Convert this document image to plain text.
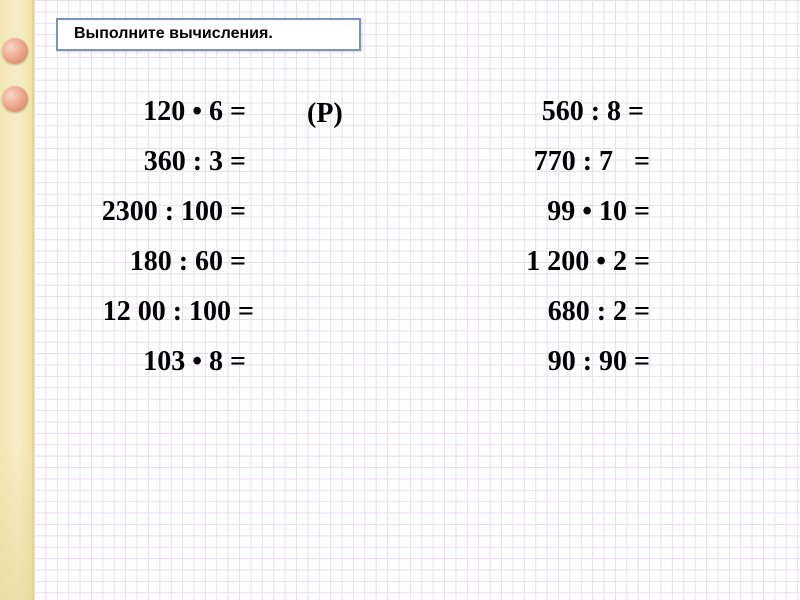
Выполните вычисления.
(Р)
120 • 6 =
360 : 3 =
2300 : 100 =
180 : 60 =
12 00 : 100 =
103 • 8 =
560 : 8 =
770 : 7   =
99 • 10 =
1 200 • 2 =
680 : 2 =
90 : 90 =
